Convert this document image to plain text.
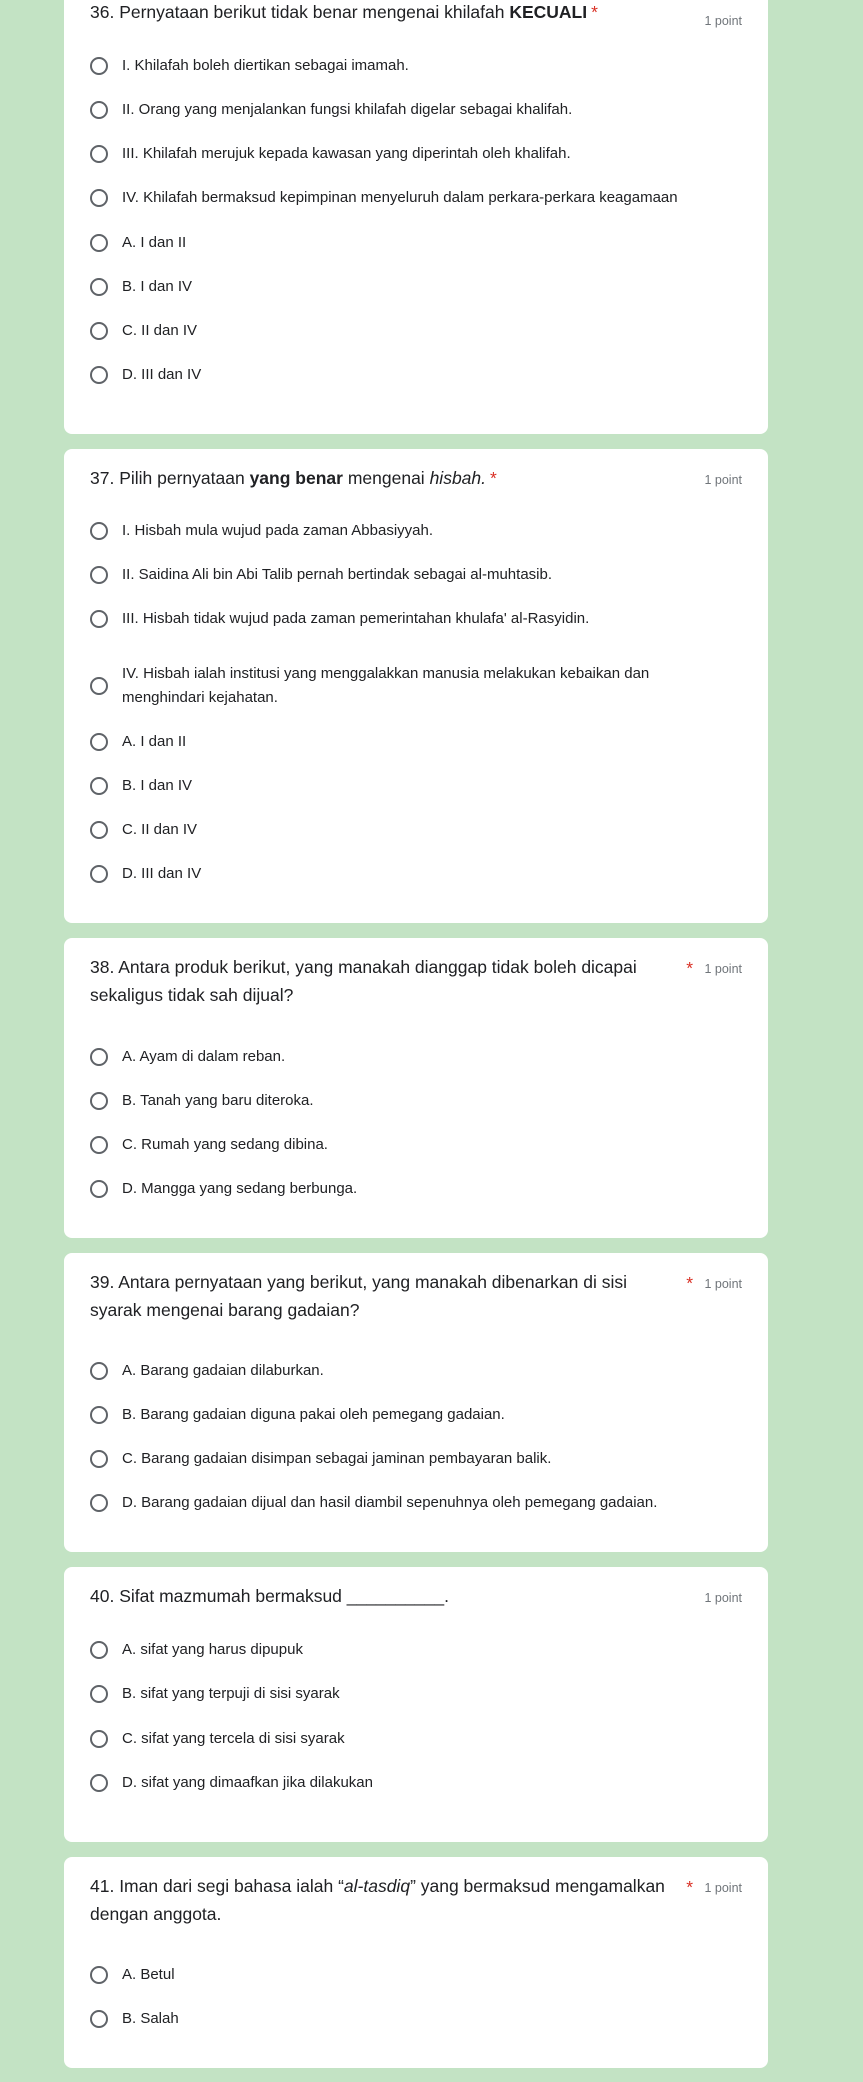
36. Pernyataan berikut tidak benar mengenai khilafah KECUALI *	1 point
I. Khilafah boleh diertikan sebagai imamah.
II. Orang yang menjalankan fungsi khilafah digelar sebagai khalifah.
III. Khilafah merujuk kepada kawasan yang diperintah oleh khalifah.
IV. Khilafah bermaksud kepimpinan menyeluruh dalam perkara-perkara keagamaan
A. I dan II
B. I dan IV
C. II dan IV
D. III dan IV
37. Pilih pernyataan yang benar mengenai hisbah. *	1 point
I. Hisbah mula wujud pada zaman Abbasiyyah.
II. Saidina Ali bin Abi Talib pernah bertindak sebagai al-muhtasib.
III. Hisbah tidak wujud pada zaman pemerintahan khulafa' al-Rasyidin.
IV. Hisbah ialah institusi yang menggalakkan manusia melakukan kebaikan dan menghindari kejahatan.
A. I dan II
B. I dan IV
C. II dan IV
D. III dan IV
38. Antara produk berikut, yang manakah dianggap tidak boleh dicapai sekaligus tidak sah dijual?
* 1 point
A. Ayam di dalam reban.
B. Tanah yang baru diteroka.
C. Rumah yang sedang dibina.
D. Mangga yang sedang berbunga.
39. Antara pernyataan yang berikut, yang manakah dibenarkan di sisi syarak mengenai barang gadaian?
* 1 point
A. Barang gadaian dilaburkan.
B. Barang gadaian diguna pakai oleh pemegang gadaian.
C. Barang gadaian disimpan sebagai jaminan pembayaran balik.
D. Barang gadaian dijual dan hasil diambil sepenuhnya oleh pemegang gadaian.
40. Sifat mazmumah bermaksud __________.	1 point
A. sifat yang harus dipupuk
B. sifat yang terpuji di sisi syarak
C. sifat yang tercela di sisi syarak
D. sifat yang dimaafkan jika dilakukan
41. Iman dari segi bahasa ialah “al-tasdiq” yang bermaksud mengamalkan dengan anggota.
* 1 point
A. Betul
B. Salah
